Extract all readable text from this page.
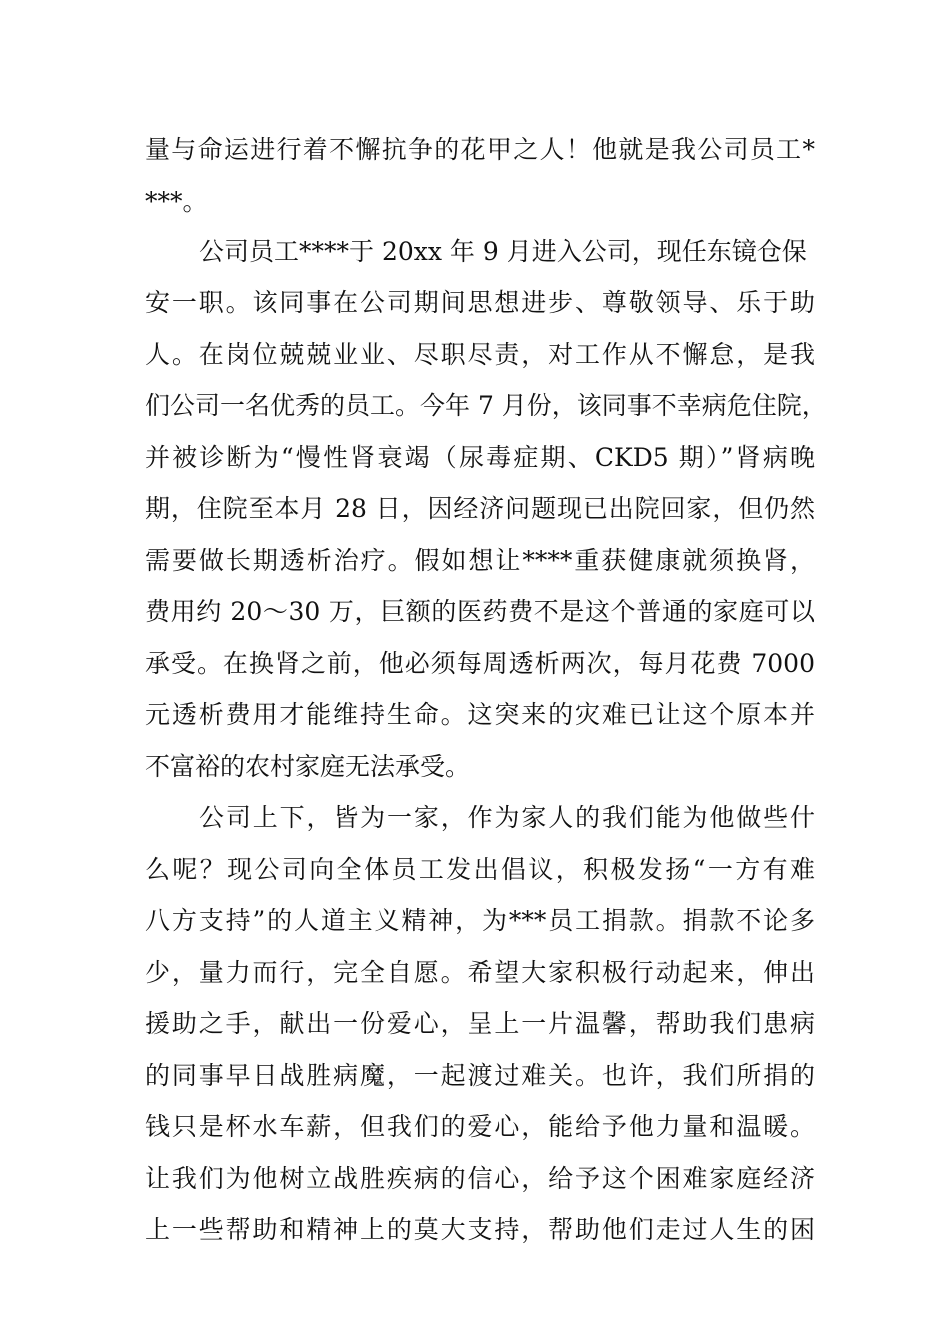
量与命运进行着不懈抗争的花甲之人！他就是我公司员工*
***。
公司员工****于 20xx 年 9 月进入公司，现任东镜仓保
安一职。该同事在公司期间思想进步、尊敬领导、乐于助
人。在岗位兢兢业业、尽职尽责，对工作从不懈怠，是我
们公司一名优秀的员工。今年 7 月份，该同事不幸病危住院，
并被诊断为“慢性肾衰竭（尿毒症期、CKD5 期）”肾病晚
期，住院至本月 28 日，因经济问题现已出院回家，但仍然
需要做长期透析治疗。假如想让****重获健康就须换肾，
费用约 20～30 万，巨额的医药费不是这个普通的家庭可以
承受。在换肾之前，他必须每周透析两次，每月花费 7000
元透析费用才能维持生命。这突来的灾难已让这个原本并
不富裕的农村家庭无法承受。
公司上下，皆为一家，作为家人的我们能为他做些什
么呢？现公司向全体员工发出倡议，积极发扬“一方有难
八方支持”的人道主义精神，为***员工捐款。捐款不论多
少，量力而行，完全自愿。希望大家积极行动起来，伸出
援助之手，献出一份爱心，呈上一片温馨，帮助我们患病
的同事早日战胜病魔，一起渡过难关。也许，我们所捐的
钱只是杯水车薪，但我们的爱心，能给予他力量和温暖。
让我们为他树立战胜疾病的信心，给予这个困难家庭经济
上一些帮助和精神上的莫大支持，帮助他们走过人生的困
